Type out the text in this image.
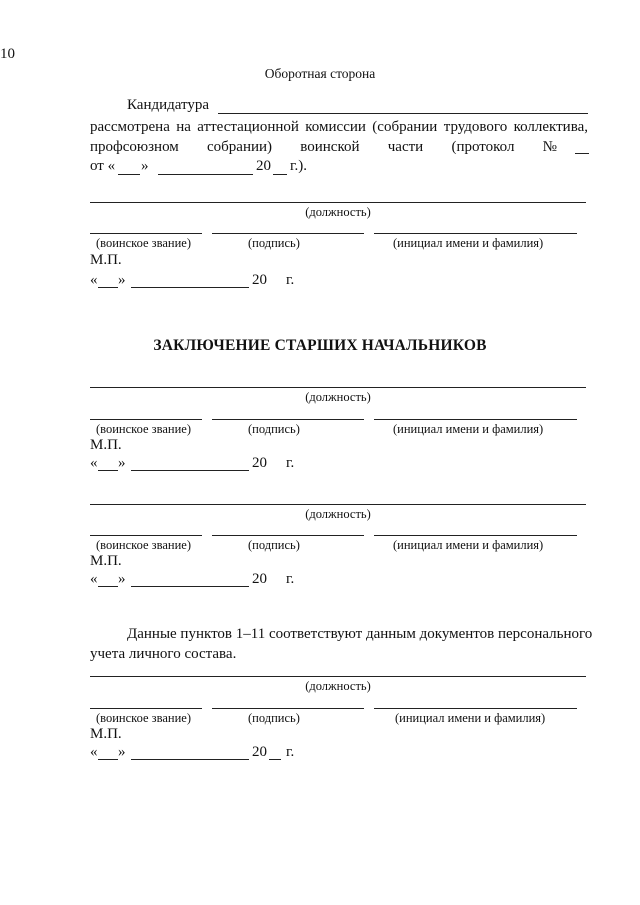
10
Оборотная сторона
Кандидатура
рассмотрена на аттестационной комиссии (собрании трудового коллектива,
профсоюзном собрании) воинской части (протокол №
от « »	20 г.).
(должность)
(воинское звание)	(подпись)	(инициал имени и фамилия)
М.П.
« »	20 г.
ЗАКЛЮЧЕНИЕ СТАРШИХ НАЧАЛЬНИКОВ
(должность)
(воинское звание)	(подпись)	(инициал имени и фамилия)
М.П.
« »	20 г.
(должность)
(воинское звание)	(подпись)	(инициал имени и фамилия)
М.П.
« »	20 г.
Данные пунктов 1–11 соответствуют данным документов персонального
учета личного состава.
(должность)
(воинское звание)	(подпись)	(инициал имени и фамилия)
М.П.
« »	20 г.
